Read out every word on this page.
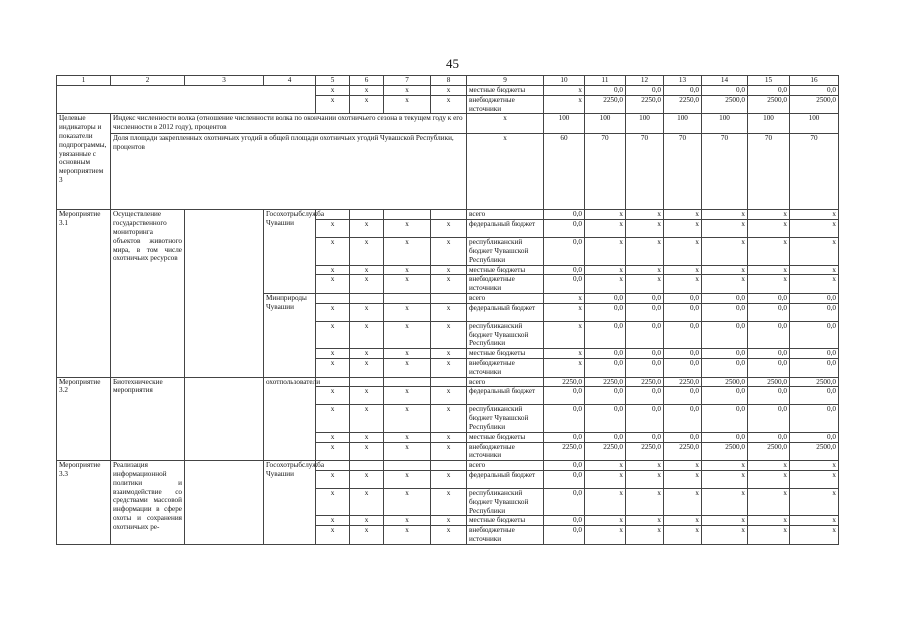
45
1	2	3	4	5	6	7	8	9	10	11	12	13	14	15	16
				x	x	x	x	местные бюджеты	x	0,0	0,0	0,0	0,0	0,0	0,0
				x	x	x	x	внебюджетные источники	x	2250,0	2250,0	2250,0	2500,0	2500,0	2500,0
Целевые индикаторы и показатели подпрограммы, увязанные с основным мероприятием 3	Индекс численности волка (отношение численности волка по окончании охотничьего сезона в текущем году к его численности в 2012 году), процентов							x	100	100	100	100	100	100	100
	Доля площади закрепленных охотничьих угодий в общей площади охотничьих угодий Чувашской Республики, процентов							x	60	70	70	70	70	70	70
Мероприятие 3.1	Осуществление государственного мониторинга объектов животного мира, в том числе охотничьих ресурсов		Госохотрыбслужба Чувашии					всего	0,0	x	x	x	x	x	x
				x	x	x	x	федеральный бюджет	0,0	x	x	x	x	x	x
				x	x	x	x	республиканский бюджет Чувашской Республики	0,0	x	x	x	x	x	x
				x	x	x	x	местные бюджеты	0,0	x	x	x	x	x	x
				x	x	x	x	внебюджетные источники	0,0	x	x	x	x	x	x
			Минприроды Чувашии					всего	x	0,0	0,0	0,0	0,0	0,0	0,0
				x	x	x	x	федеральный бюджет	x	0,0	0,0	0,0	0,0	0,0	0,0
				x	x	x	x	республиканский бюджет Чувашской Республики	x	0,0	0,0	0,0	0,0	0,0	0,0
				x	x	x	x	местные бюджеты	x	0,0	0,0	0,0	0,0	0,0	0,0
				x	x	x	x	внебюджетные источники	x	0,0	0,0	0,0	0,0	0,0	0,0
Мероприятие 3.2	Биотехнические мероприятия		охотпользователи					всего	2250,0	2250,0	2250,0	2250,0	2500,0	2500,0	2500,0
				x	x	x	x	федеральный бюджет	0,0	0,0	0,0	0,0	0,0	0,0	0,0
				x	x	x	x	республиканский бюджет Чувашской Республики	0,0	0,0	0,0	0,0	0,0	0,0	0,0
				x	x	x	x	местные бюджеты	0,0	0,0	0,0	0,0	0,0	0,0	0,0
				x	x	x	x	внебюджетные источники	2250,0	2250,0	2250,0	2250,0	2500,0	2500,0	2500,0
Мероприятие 3.3	Реализация информационной политики и взаимодействие со средствами массовой информации в сфере охоты и сохранения охотничьих ре-		Госохотрыбслужба Чувашии					всего	0,0	x	x	x	x	x	x
				x	x	x	x	федеральный бюджет	0,0	x	x	x	x	x	x
				x	x	x	x	республиканский бюджет Чувашской Республики	0,0	x	x	x	x	x	x
				x	x	x	x	местные бюджеты	0,0	x	x	x	x	x	x
				x	x	x	x	внебюджетные источники	0,0	x	x	x	x	x	x
